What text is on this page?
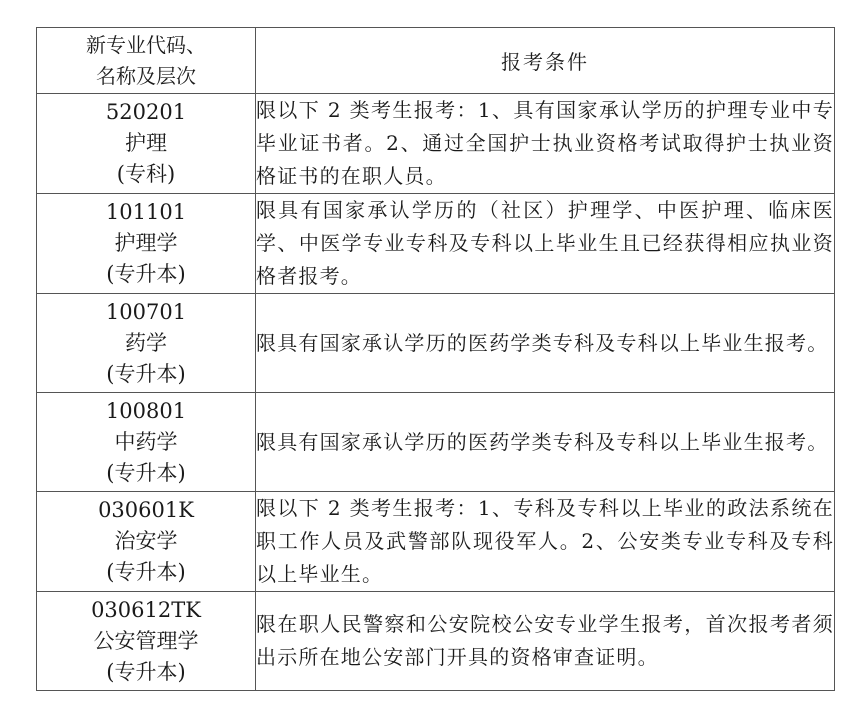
新专业代码、
名称及层次	报考条件

520201
护理
(专科)	限以下 2 类考生报考：1、具有国家承认学历的护理专业中专毕业证书者。2、通过全国护士执业资格考试取得护士执业资格证书的在职人员。

101101
护理学
(专升本)	限具有国家承认学历的（社区）护理学、中医护理、临床医学、中医学专业专科及专科以上毕业生且已经获得相应执业资格者报考。

100701
药学
(专升本)	限具有国家承认学历的医药学类专科及专科以上毕业生报考。

100801
中药学
(专升本)	限具有国家承认学历的医药学类专科及专科以上毕业生报考。

030601K
治安学
(专升本)	限以下 2 类考生报考：1、专科及专科以上毕业的政法系统在职工作人员及武警部队现役军人。2、公安类专业专科及专科以上毕业生。

030612TK
公安管理学
(专升本)	限在职人民警察和公安院校公安专业学生报考，首次报考者须出示所在地公安部门开具的资格审查证明。
